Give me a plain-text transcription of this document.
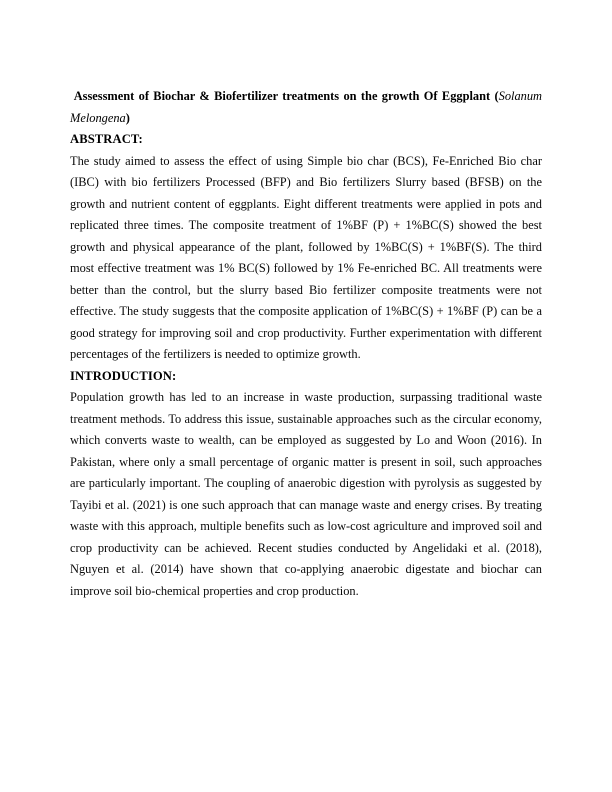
Assessment of Biochar & Biofertilizer treatments on the growth Of Eggplant (Solanum Melongena)

ABSTRACT:

The study aimed to assess the effect of using Simple bio char (BCS), Fe-Enriched Bio char (IBC) with bio fertilizers Processed (BFP) and Bio fertilizers Slurry based (BFSB) on the growth and nutrient content of eggplants. Eight different treatments were applied in pots and replicated three times. The composite treatment of 1%BF (P) + 1%BC(S) showed the best growth and physical appearance of the plant, followed by 1%BC(S) + 1%BF(S). The third most effective treatment was 1% BC(S) followed by 1% Fe-enriched BC. All treatments were better than the control, but the slurry based Bio fertilizer composite treatments were not effective. The study suggests that the composite application of 1%BC(S) + 1%BF (P) can be a good strategy for improving soil and crop productivity. Further experimentation with different percentages of the fertilizers is needed to optimize growth.

INTRODUCTION:

Population growth has led to an increase in waste production, surpassing traditional waste treatment methods. To address this issue, sustainable approaches such as the circular economy, which converts waste to wealth, can be employed as suggested by Lo and Woon (2016). In Pakistan, where only a small percentage of organic matter is present in soil, such approaches are particularly important. The coupling of anaerobic digestion with pyrolysis as suggested by Tayibi et al. (2021) is one such approach that can manage waste and energy crises. By treating waste with this approach, multiple benefits such as low-cost agriculture and improved soil and crop productivity can be achieved. Recent studies conducted by Angelidaki et al. (2018), Nguyen et al. (2014) have shown that co-applying anaerobic digestate and biochar can improve soil bio-chemical properties and crop production.
